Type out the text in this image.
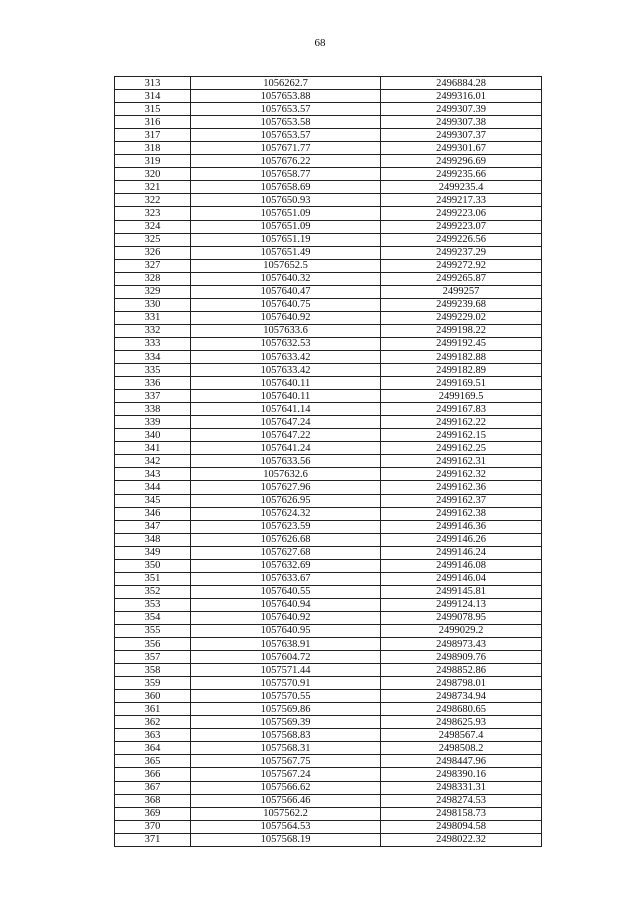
68
313	1056262.7	2496884.28
314	1057653.88	2499316.01
315	1057653.57	2499307.39
316	1057653.58	2499307.38
317	1057653.57	2499307.37
318	1057671.77	2499301.67
319	1057676.22	2499296.69
320	1057658.77	2499235.66
321	1057658.69	2499235.4
322	1057650.93	2499217.33
323	1057651.09	2499223.06
324	1057651.09	2499223.07
325	1057651.19	2499226.56
326	1057651.49	2499237.29
327	1057652.5	2499272.92
328	1057640.32	2499265.87
329	1057640.47	2499257
330	1057640.75	2499239.68
331	1057640.92	2499229.02
332	1057633.6	2499198.22
333	1057632.53	2499192.45
334	1057633.42	2499182.88
335	1057633.42	2499182.89
336	1057640.11	2499169.51
337	1057640.11	2499169.5
338	1057641.14	2499167.83
339	1057647.24	2499162.22
340	1057647.22	2499162.15
341	1057641.24	2499162.25
342	1057633.56	2499162.31
343	1057632.6	2499162.32
344	1057627.96	2499162.36
345	1057626.95	2499162.37
346	1057624.32	2499162.38
347	1057623.59	2499146.36
348	1057626.68	2499146.26
349	1057627.68	2499146.24
350	1057632.69	2499146.08
351	1057633.67	2499146.04
352	1057640.55	2499145.81
353	1057640.94	2499124.13
354	1057640.92	2499078.95
355	1057640.95	2499029.2
356	1057638.91	2498973.43
357	1057604.72	2498909.76
358	1057571.44	2498852.86
359	1057570.91	2498798.01
360	1057570.55	2498734.94
361	1057569.86	2498680.65
362	1057569.39	2498625.93
363	1057568.83	2498567.4
364	1057568.31	2498508.2
365	1057567.75	2498447.96
366	1057567.24	2498390.16
367	1057566.62	2498331.31
368	1057566.46	2498274.53
369	1057562.2	2498158.73
370	1057564.53	2498094.58
371	1057568.19	2498022.32
